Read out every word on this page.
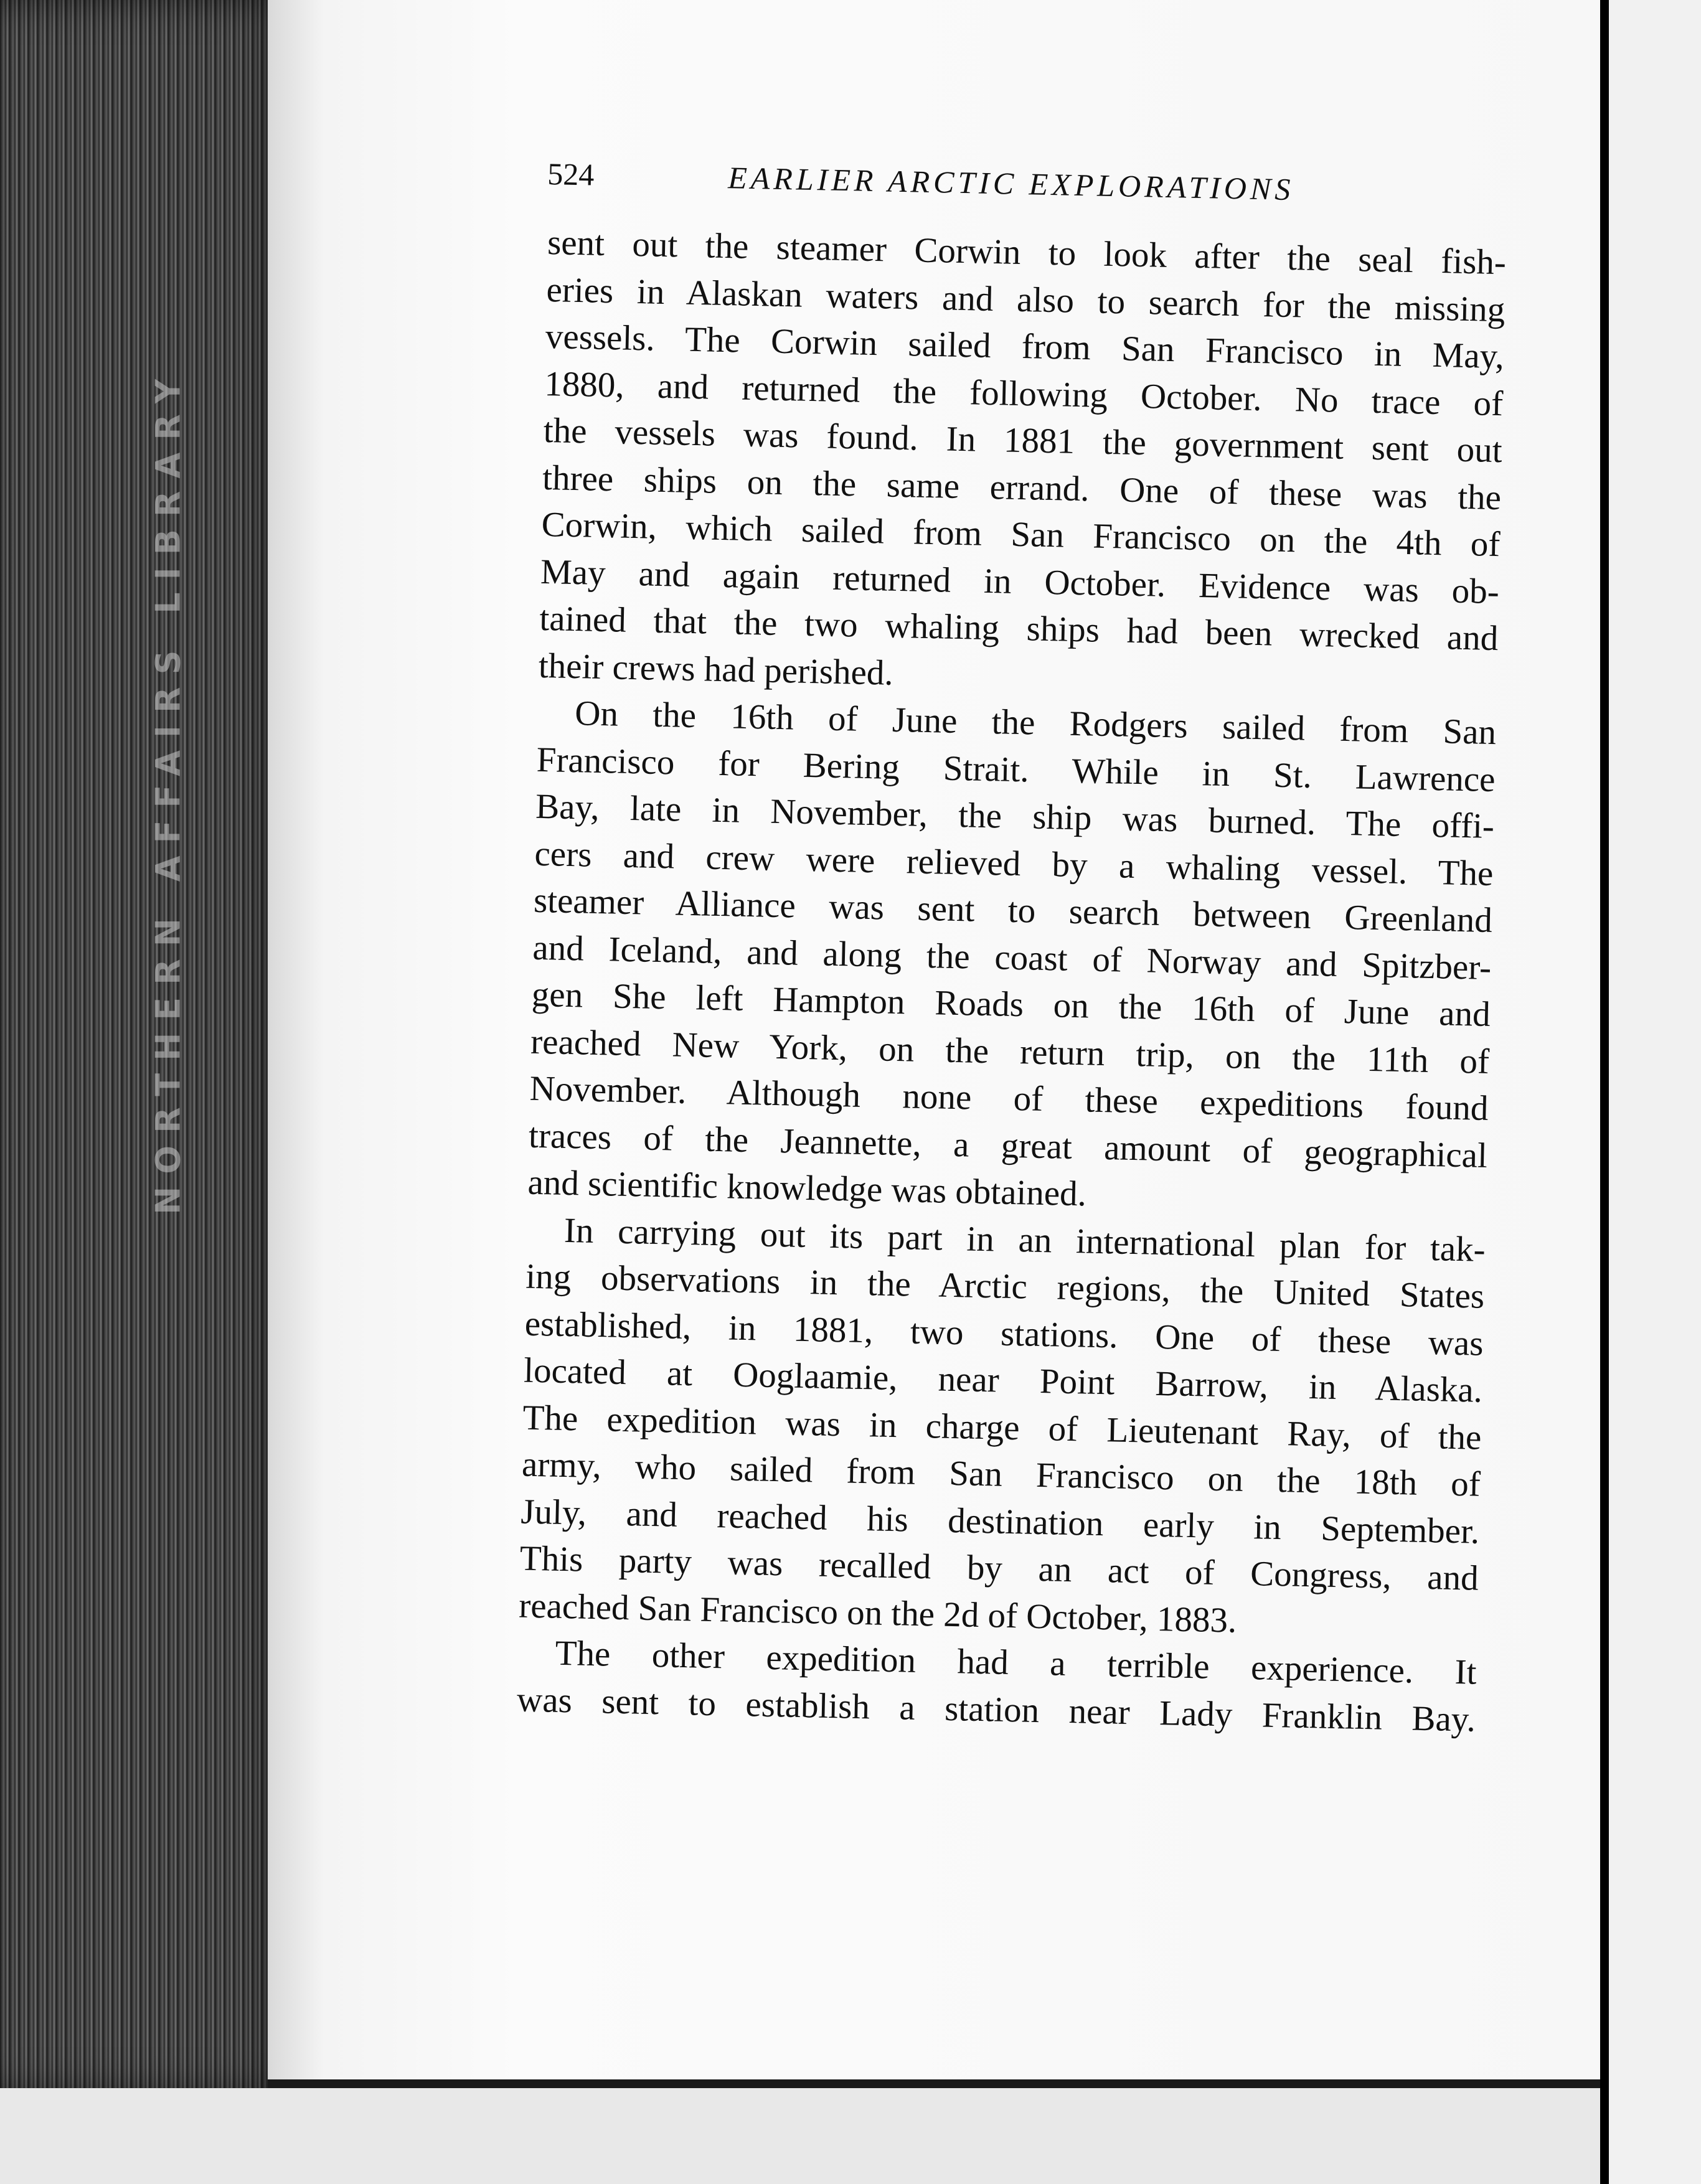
NORTHERN AFFAIRS LIBRARY
524	EARLIER ARCTIC EXPLORATIONS

sent out the steamer Corwin to look after the seal fish-

eries in Alaskan waters and also to search for the missing

vessels. The Corwin sailed from San Francisco in May,

1880, and returned the following October. No trace of

the vessels was found. In 1881 the government sent out

three ships on the same errand. One of these was the

Corwin, which sailed from San Francisco on the 4th of

May and again returned in October. Evidence was ob-

tained that the two whaling ships had been wrecked and

their crews had perished.

On the 16th of June the Rodgers sailed from San

Francisco for Bering Strait. While in St. Lawrence

Bay, late in November, the ship was burned. The offi-

cers and crew were relieved by a whaling vessel. The

steamer Alliance was sent to search between Greenland

and Iceland, and along the coast of Norway and Spitzber-

gen She left Hampton Roads on the 16th of June and

reached New York, on the return trip, on the 11th of

November. Although none of these expeditions found

traces of the Jeannette, a great amount of geographical

and scientific knowledge was obtained.

In carrying out its part in an international plan for tak-

ing observations in the Arctic regions, the United States

established, in 1881, two stations. One of these was

located at Ooglaamie, near Point Barrow, in Alaska.

The expedition was in charge of Lieutenant Ray, of the

army, who sailed from San Francisco on the 18th of

July, and reached his destination early in September.

This party was recalled by an act of Congress, and

reached San Francisco on the 2d of October, 1883.

The other expedition had a terrible experience. It

was sent to establish a station near Lady Franklin Bay.
